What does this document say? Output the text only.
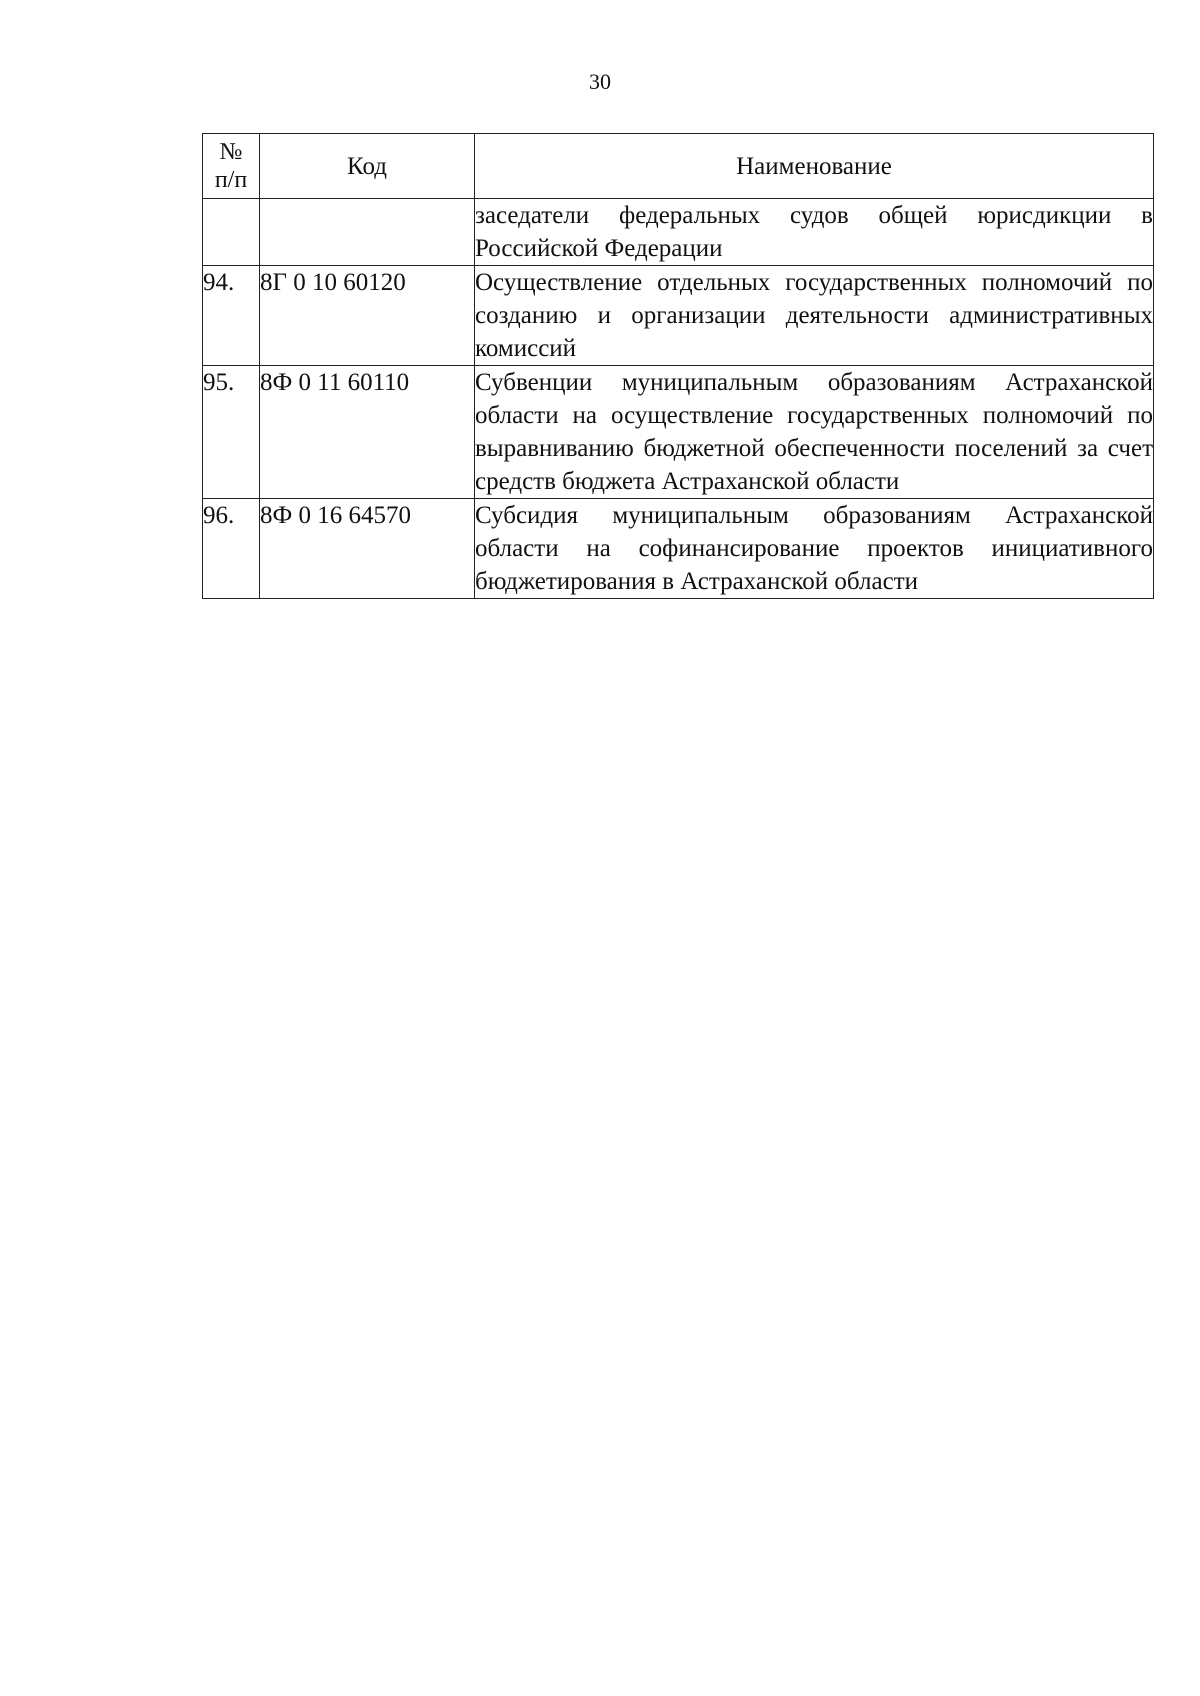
30
№
п/п	Код	Наименование
		заседатели федеральных судов общей юрисдикции в Российской Федерации
94.	8Г 0 10 60120	Осуществление отдельных государственных полномочий по созданию и организации деятельности административных комиссий
95.	8Ф 0 11 60110	Субвенции муниципальным образованиям Астраханской области на осуществление государственных полномочий по выравниванию бюджетной обеспеченности поселений за счет средств бюджета Астраханской области
96.	8Ф 0 16 64570	Субсидия муниципальным образованиям Астраханской области на софинансирование проектов инициативного бюджетирования в Астраханской области
